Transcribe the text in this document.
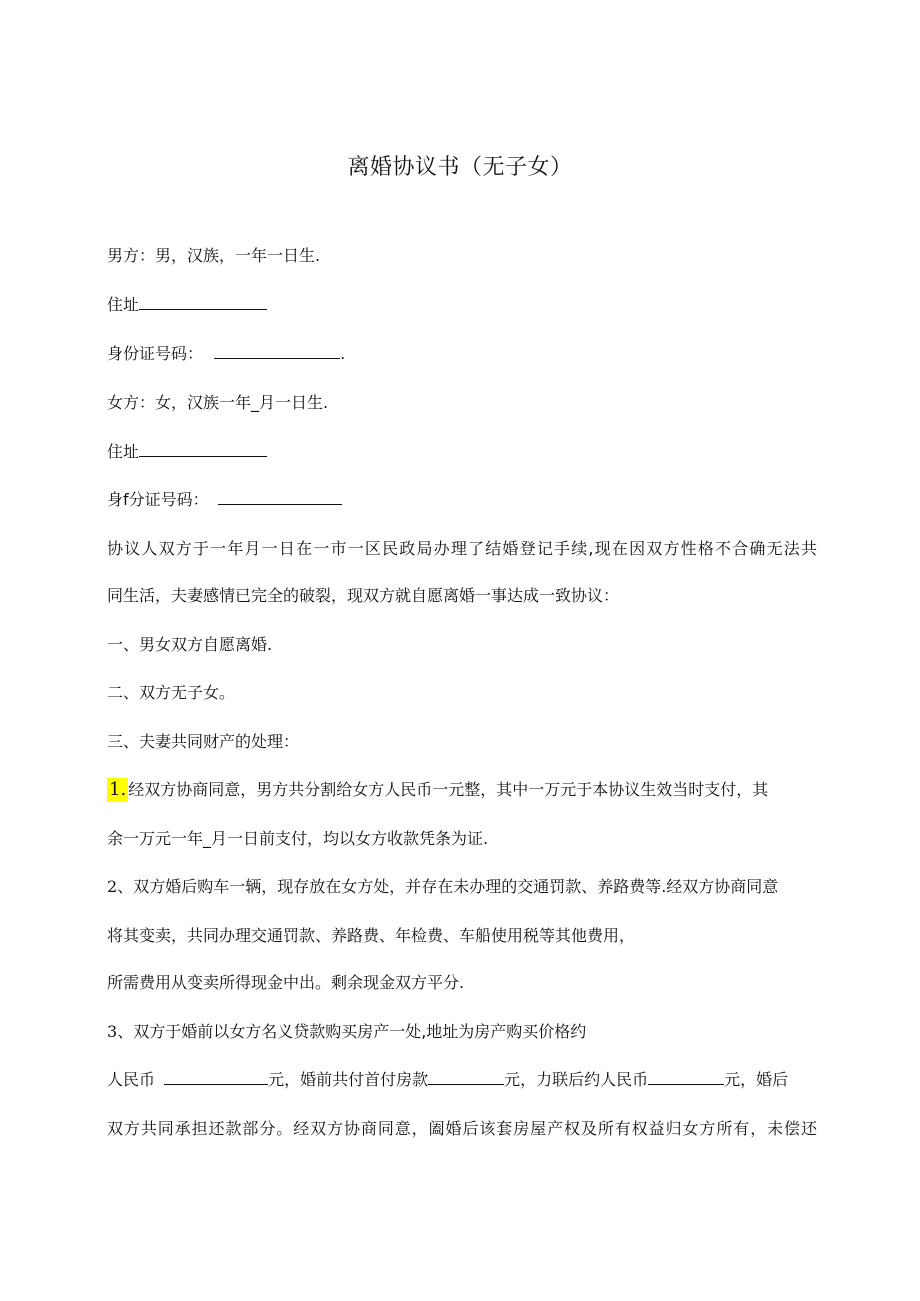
离婚协议书（无子女）
男方：男，汉族，一年一日生.
住址
身份证号码：	.
女方：女，汉族一年_月一日生.
住址
身f分证号码：
协议人双方于一年月一日在一市一区民政局办理了结婚登记手续,现在因双方性格不合确无法共
同生活，夫妻感情已完全的破裂，现双方就自愿离婚一事达成一致协议：
一、男女双方自愿离婚.
二、双方无子女。
三、夫妻共同财产的处理：
1. 经双方协商同意，男方共分割给女方人民币一元整，其中一万元于本协议生效当时支付，其
余一万元一年_月一日前支付，均以女方收款凭条为证.
2、双方婚后购车一辆，现存放在女方处，并存在未办理的交通罚款、养路费等.经双方协商同意
将其变卖，共同办理交通罚款、养路费、年检费、车船使用税等其他费用，
所需费用从变卖所得现金中出。剩余现金双方平分.
3、双方于婚前以女方名义贷款购买房产一处,地址为房产购买价格约
人民币	元，婚前共付首付房款	元，力联后约人民币	元，婚后
双方共同承担还款部分。经双方协商同意，阖婚后该套房屋产权及所有权益归女方所有，未偿还
